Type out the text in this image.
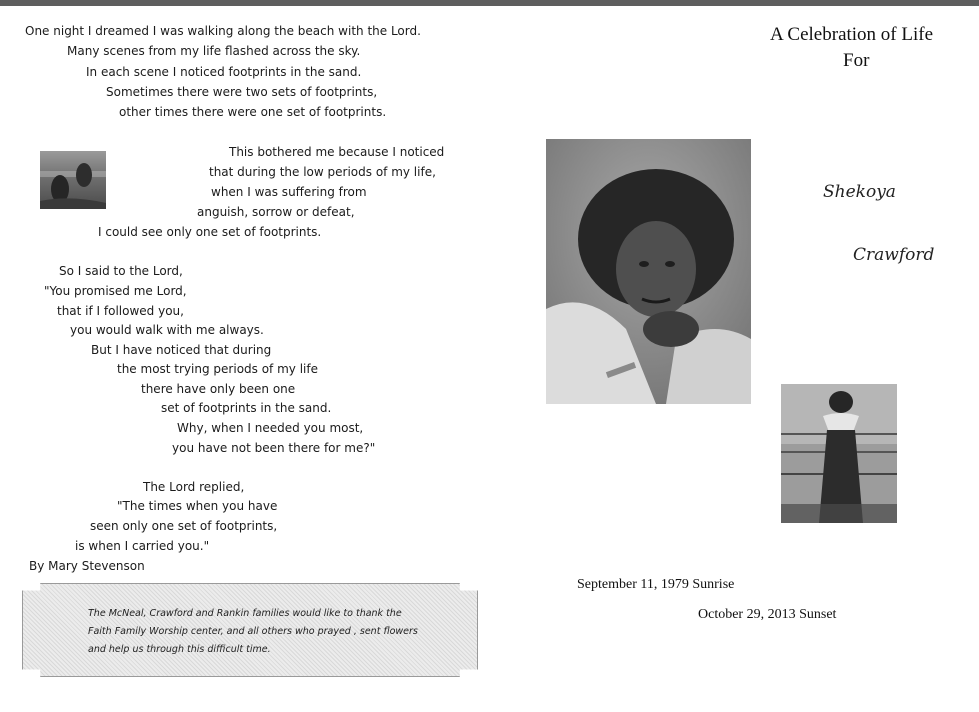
One night I dreamed I was walking along the beach with the Lord.
Many scenes from my life flashed across the sky.
In each scene I noticed footprints in the sand.
Sometimes there were two sets of footprints,
other times there were one set of footprints.
This bothered me because I noticed
that during the low periods of my life,
when I was suffering from
anguish, sorrow or defeat,
I could see only one set of footprints.
So I said to the Lord,
"You promised me Lord,
that if I followed you,
you would walk with me always.
But I have noticed that during
the most trying periods of my life
there have only been one
set of footprints in the sand.
Why, when I needed you most,
you have not been there for me?"
The Lord replied,
"The times when you have
seen only one set of footprints,
is when I carried you."
By Mary Stevenson
The McNeal, Crawford and Rankin families would like to thank the Faith Family Worship center, and all others who prayed , sent flowers and help us through this difficult time.
A Celebration of Life
For
Shekoya
Crawford
September 11, 1979 Sunrise
October 29, 2013 Sunset
